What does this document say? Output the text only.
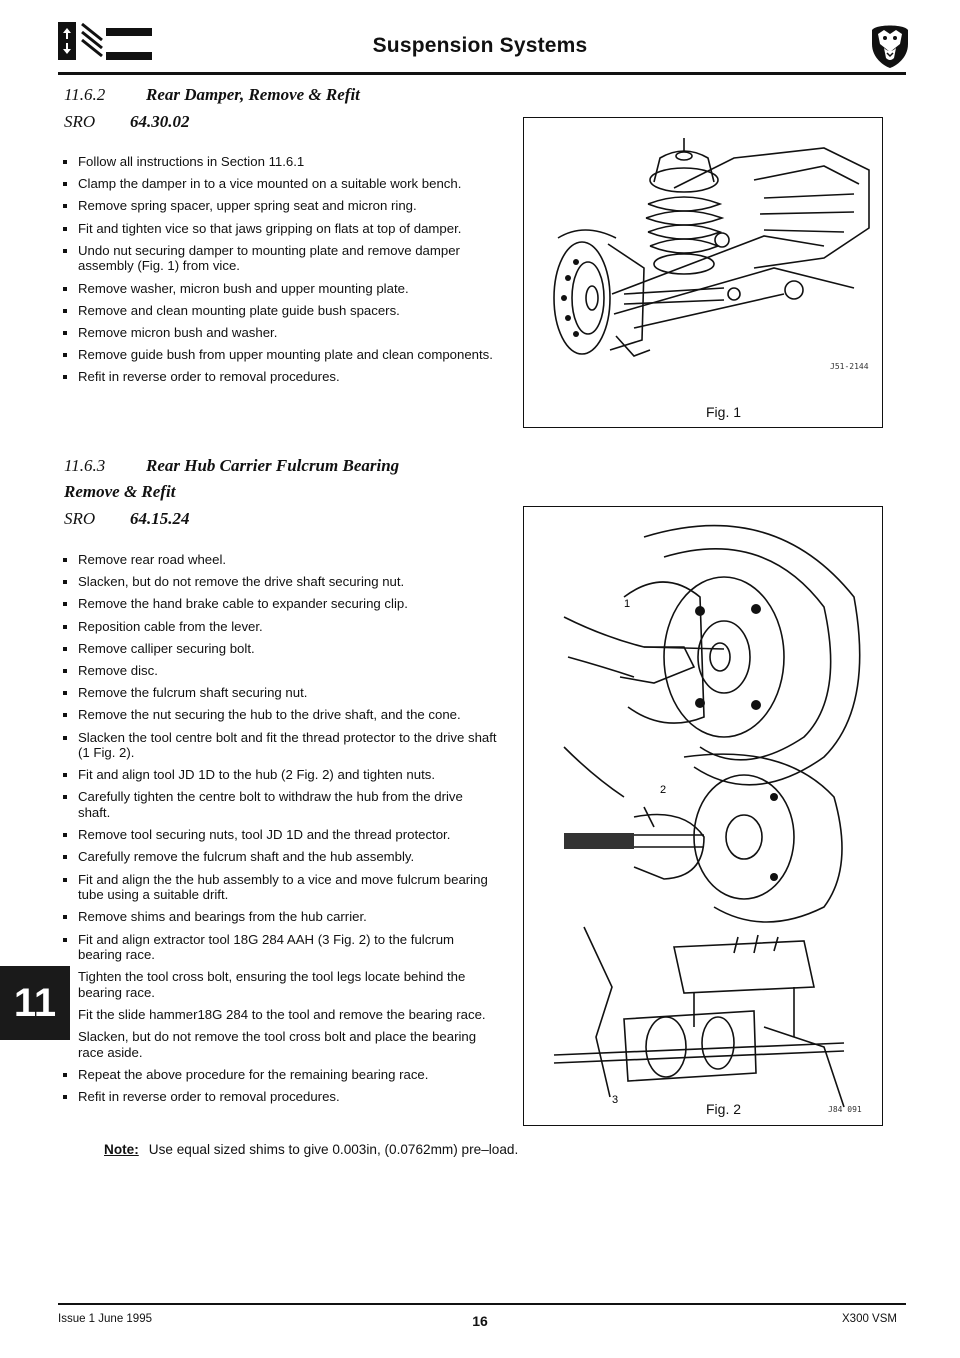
Suspension Systems
11.6.2 Rear Damper, Remove & Refit
SRO 64.30.02
Follow all instructions in Section 11.6.1
Clamp the damper in to a vice mounted on a suitable work bench.
Remove spring spacer, upper spring seat and micron ring.
Fit and tighten vice so that jaws gripping on flats at top of damper.
Undo nut securing damper to mounting plate and remove damper assembly (Fig. 1) from vice.
Remove washer, micron bush and upper mounting plate.
Remove and clean mounting plate guide bush spacers.
Remove micron bush and washer.
Remove guide bush from upper mounting plate and clean components.
Refit in reverse order to removal procedures.
Fig. 1
J51-2144
11.6.3 Rear Hub Carrier Fulcrum Bearing
Remove & Refit
SRO 64.15.24
Remove rear road wheel.
Slacken, but do not remove the drive shaft securing nut.
Remove the hand brake cable to expander securing clip.
Reposition cable from the lever.
Remove calliper securing bolt.
Remove disc.
Remove the fulcrum shaft securing nut.
Remove the nut securing the hub to the drive shaft, and the cone.
Slacken the tool centre bolt and fit the thread protector to the drive shaft (1 Fig. 2).
Fit and align tool JD 1D to the hub (2 Fig. 2) and tighten nuts.
Carefully tighten the centre bolt to withdraw the hub from the drive shaft.
Remove tool securing nuts, tool JD 1D and the thread protector.
Carefully remove the fulcrum shaft and the hub assembly.
Fit and align the the hub assembly to a vice and move fulcrum bearing tube using a suitable drift.
Remove shims and bearings from the hub carrier.
Fit and align extractor tool 18G 284 AAH (3 Fig. 2) to the fulcrum bearing race.
Tighten the tool cross bolt, ensuring the tool legs locate behind the bearing race.
Fit the slide hammer18G 284 to the tool and remove the bearing race.
Slacken, but do not remove the tool cross bolt and place the bearing race aside.
Repeat the above procedure for the remaining bearing race.
Refit in reverse order to removal procedures.
1
2
3
Fig. 2	J84 091
11
Note: Use equal sized shims to give 0.003in, (0.0762mm) pre–load.
Issue 1 June 1995	16	X300 VSM
